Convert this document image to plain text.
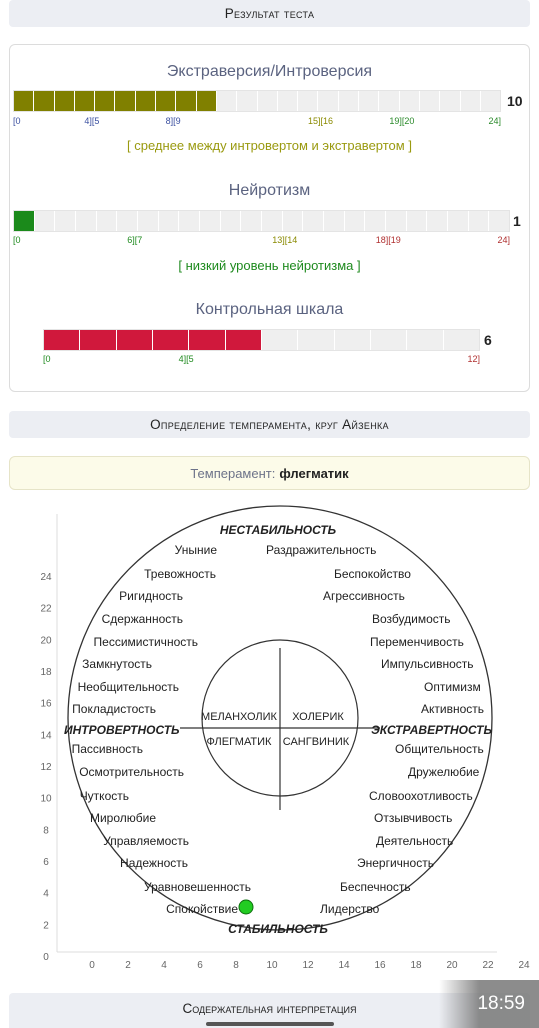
Результат теста
Экстраверсия/Интроверсия
10
[0	4][5	8][9	15][16	19][20	24]
[ среднее между интровертом и экстравертом ]
Нейротизм
1
[0	6][7	13][14	18][19	24]
[ низкий уровень нейротизма ]
Контрольная шкала
6
[0	4][5	12]
Определение темперамента, круг Айзенка
Темперамент: флегматик
24
22
20
18
16
14
12
10
8
6
4
2
0
0	2	4	6	8	10 12 14 16 18 20 22 24
МЕЛАНХОЛИК ХОЛЕРИК
ФЛЕГМАТИК САНГВИНИК
НЕСТАБИЛЬНОСТЬ
СТАБИЛЬНОСТЬ
ИНТРОВЕРТНОСТЬ	ЭКСТРАВЕРТНОСТЬ
Уныние
Тревожность
Ригидность
Сдержанность
Пессимистичность
Замкнутость
Необщительность
Покладистость
Пассивность
Осмотрительность
Чуткость
Миролюбие
Управляемость
Надежность
Уравновешенность
Спокойствие
Раздражительность
Беспокойство
Агрессивность
Возбудимость
Переменчивость
Импульсивность
Оптимизм
Активность
Общительность
Дружелюбие
Словоохотливость
Отзывчивость
Деятельность
Энергичность
Беспечность
Лидерство
Содержательная интерпретация	18:59
